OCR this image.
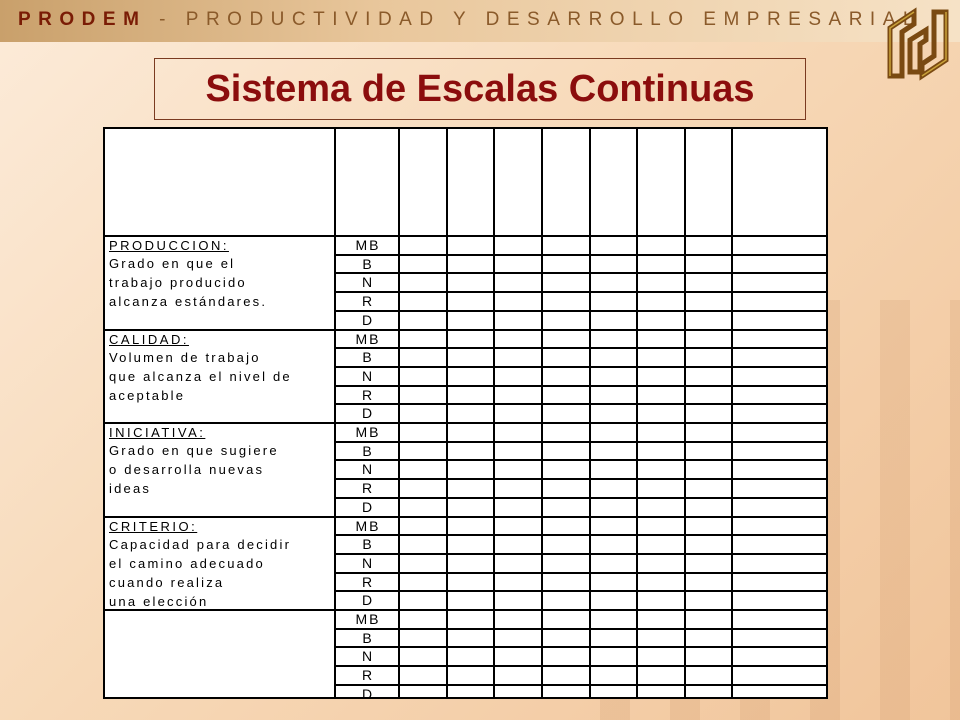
PRODEM - PRODUCTIVIDAD Y DESARROLLO EMPRESARIAL

Sistema de Escalas Continuas
PRODUCCION:
Grado en que el
trabajo producido
alcanza estándares.
MB
B
N
R
D
CALIDAD:
Volumen de trabajo
que alcanza el nivel de
aceptable
MB
B
N
R
D
INICIATIVA:
Grado en que sugiere
o desarrolla nuevas
ideas
MB
B
N
R
D
CRITERIO:
Capacidad para decidir
el camino adecuado
cuando realiza
una elección
MB
B
N
R
D
MB
B
N
R
D
